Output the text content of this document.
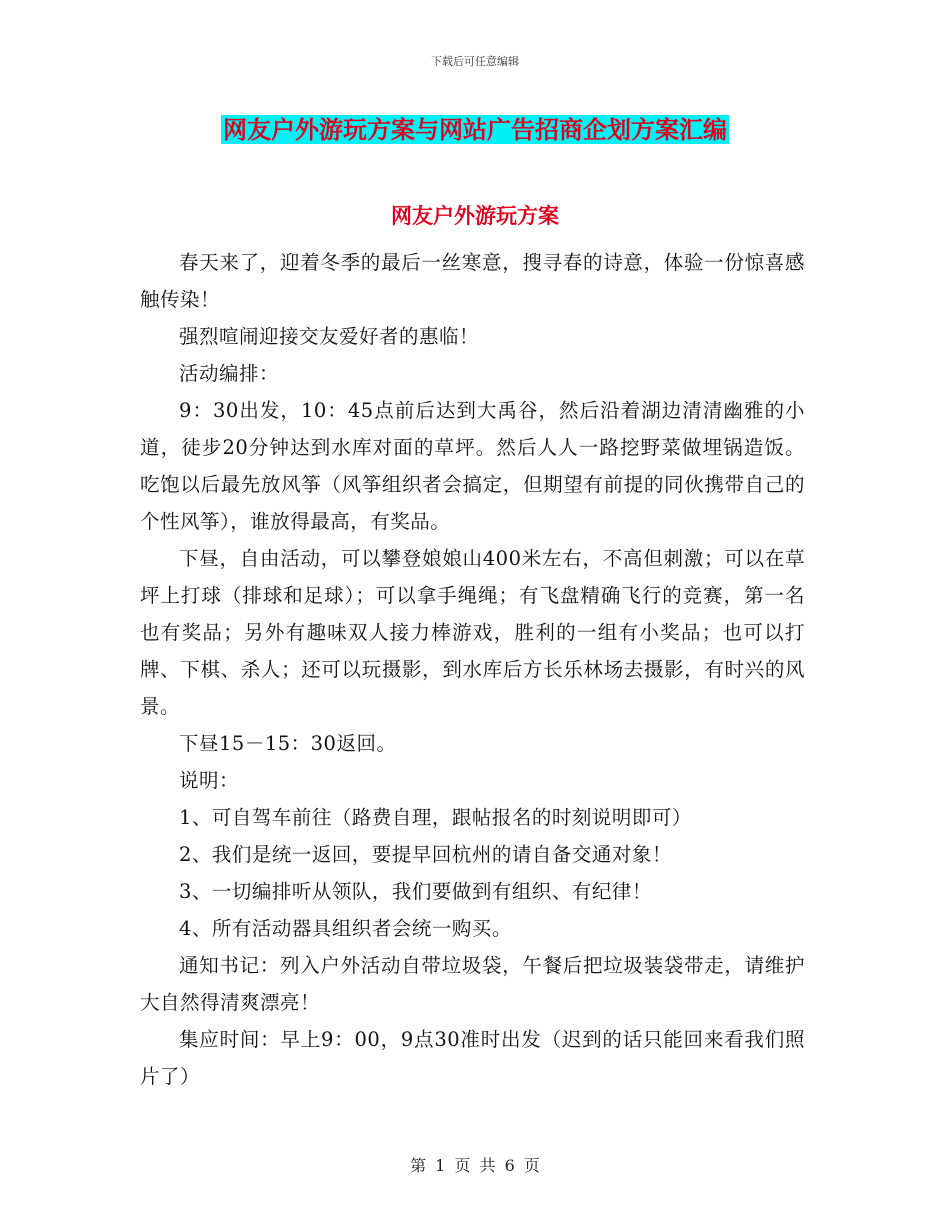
下载后可任意编辑
网友户外游玩方案与网站广告招商企划方案汇编
网友户外游玩方案

春天来了，迎着冬季的最后一丝寒意，搜寻春的诗意，体验一份惊喜感触传染！

强烈喧闹迎接交友爱好者的惠临！

活动编排：

9：30出发，10：45点前后达到大禹谷，然后沿着湖边清清幽雅的小道，徒步20分钟达到水库对面的草坪。然后人人一路挖野菜做埋锅造饭。吃饱以后最先放风筝（风筝组织者会搞定，但期望有前提的同伙携带自己的个性风筝），谁放得最高，有奖品。

下昼，自由活动，可以攀登娘娘山400米左右，不高但刺激；可以在草坪上打球（排球和足球）；可以拿手绳绳；有飞盘精确飞行的竞赛，第一名也有奖品；另外有趣味双人接力棒游戏，胜利的一组有小奖品；也可以打牌、下棋、杀人；还可以玩摄影，到水库后方长乐林场去摄影，有时兴的风景。

下昼15－15：30返回。

说明：

1、可自驾车前往（路费自理，跟帖报名的时刻说明即可）

2、我们是统一返回，要提早回杭州的请自备交通对象！

3、一切编排听从领队，我们要做到有组织、有纪律！

4、所有活动器具组织者会统一购买。

通知书记：列入户外活动自带垃圾袋，午餐后把垃圾装袋带走，请维护大自然得清爽漂亮！

集应时间：早上9：00，9点30准时出发（迟到的话只能回来看我们照片了）

第 1 页 共 6 页
